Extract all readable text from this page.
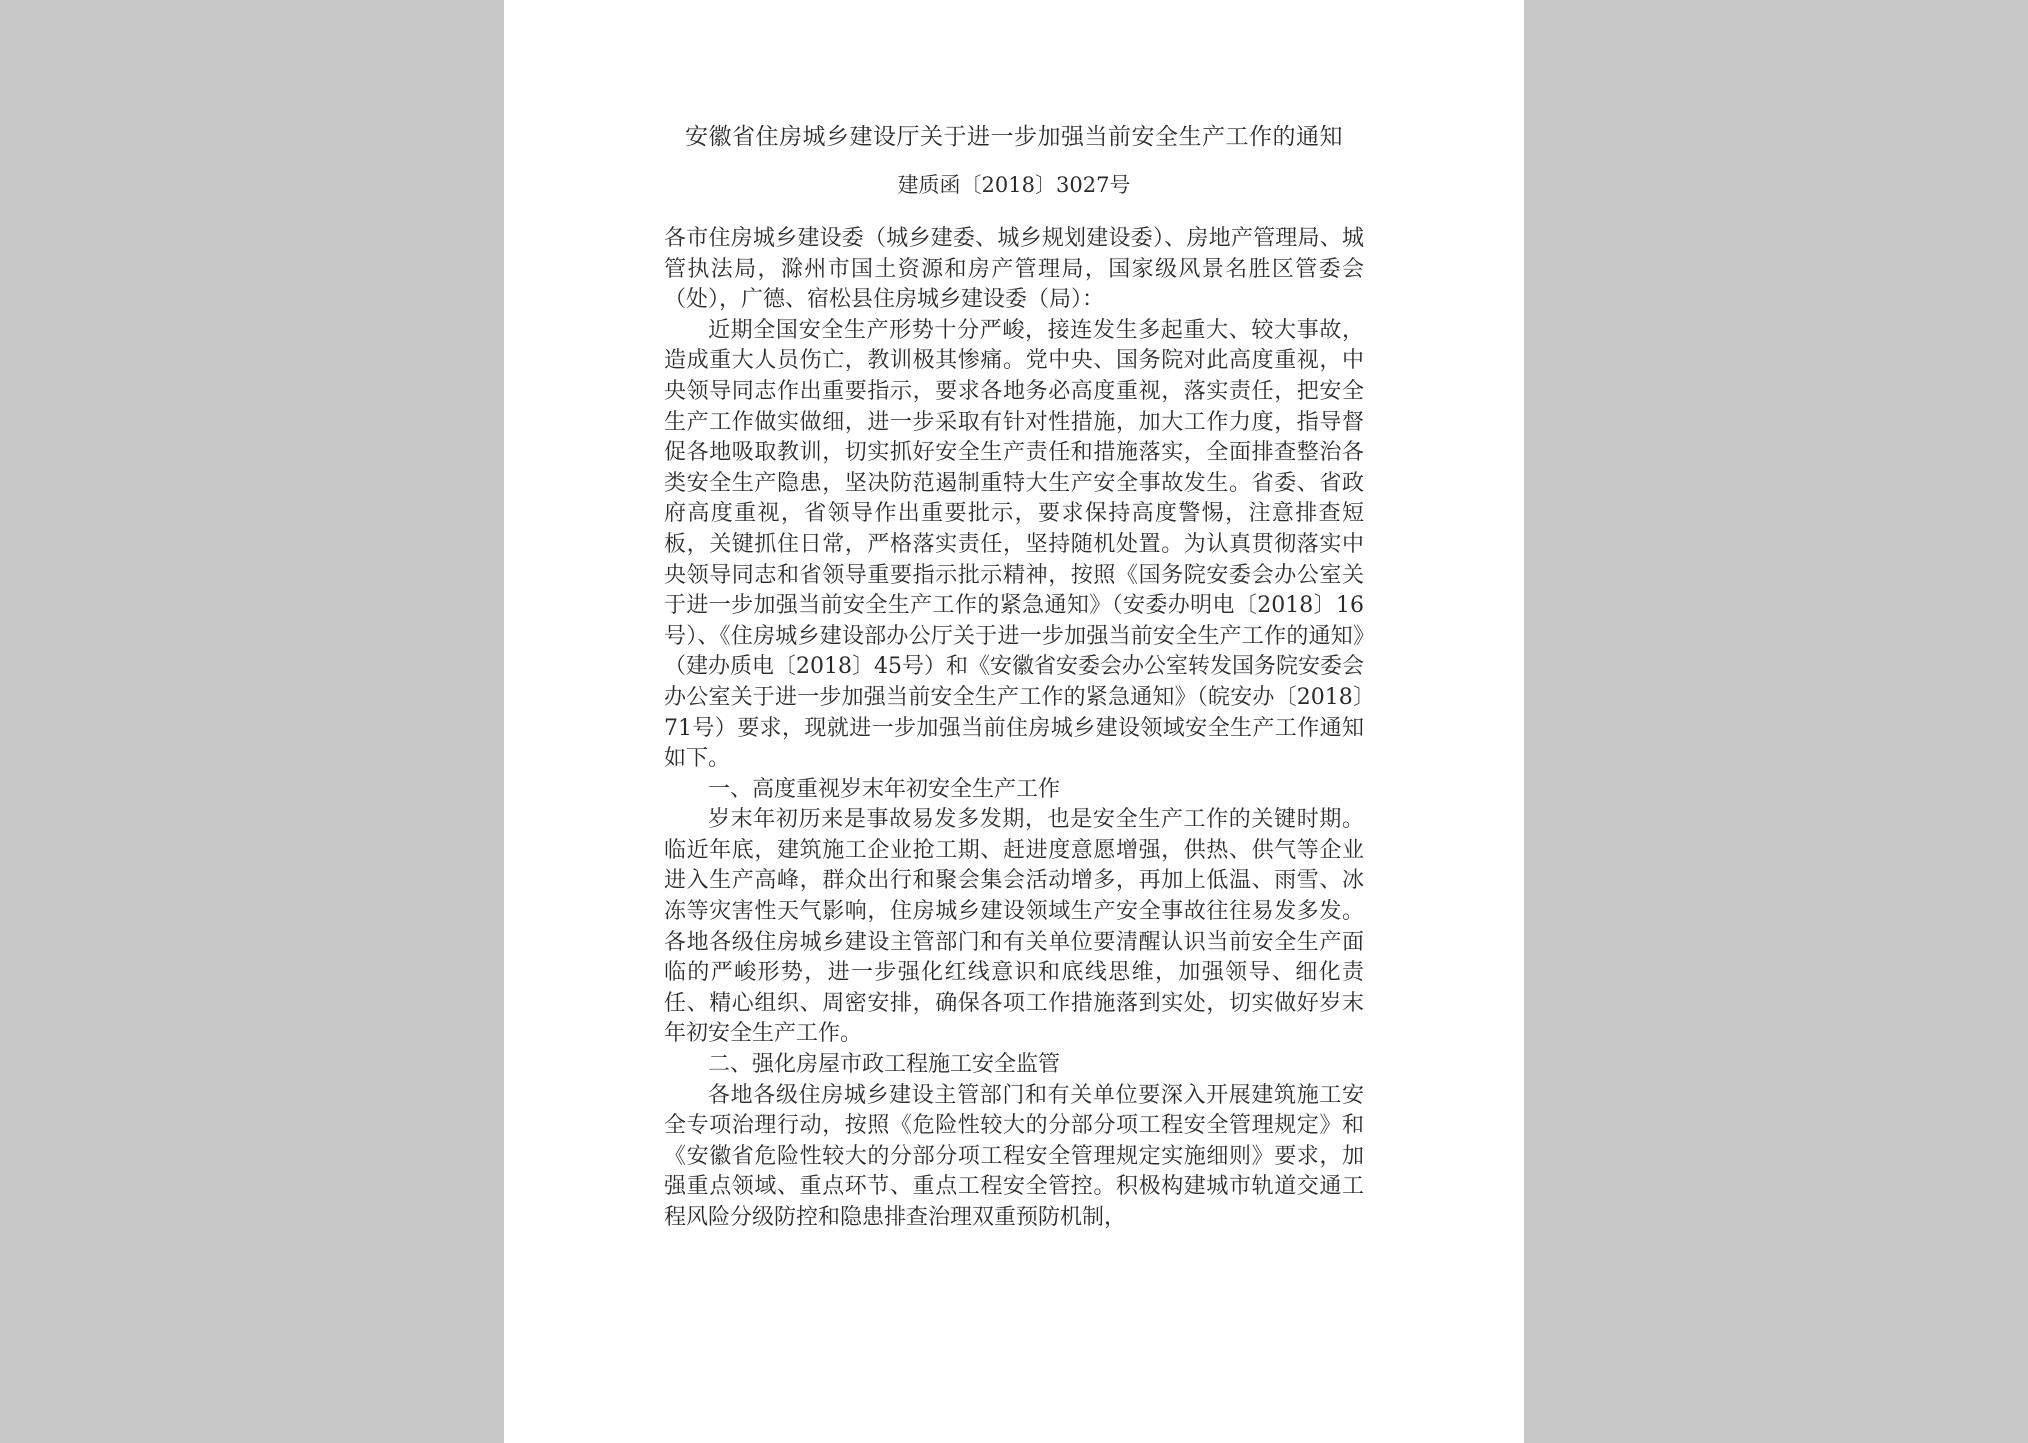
安徽省住房城乡建设厅关于进一步加强当前安全生产工作的通知
建质函〔2018〕3027号

各市住房城乡建设委（城乡建委、城乡规划建设委）、房地产管理局、城管执法局，滁州市国土资源和房产管理局，国家级风景名胜区管委会（处），广德、宿松县住房城乡建设委（局）：

近期全国安全生产形势十分严峻，接连发生多起重大、较大事故，造成重大人员伤亡，教训极其惨痛。党中央、国务院对此高度重视，中央领导同志作出重要指示，要求各地务必高度重视，落实责任，把安全生产工作做实做细，进一步采取有针对性措施，加大工作力度，指导督促各地吸取教训，切实抓好安全生产责任和措施落实，全面排查整治各类安全生产隐患，坚决防范遏制重特大生产安全事故发生。省委、省政府高度重视，省领导作出重要批示，要求保持高度警惕，注意排查短板，关键抓住日常，严格落实责任，坚持随机处置。为认真贯彻落实中央领导同志和省领导重要指示批示精神，按照《国务院安委会办公室关于进一步加强当前安全生产工作的紧急通知》（安委办明电〔2018〕16号）、《住房城乡建设部办公厅关于进一步加强当前安全生产工作的通知》（建办质电〔2018〕45号）和《安徽省安委会办公室转发国务院安委会办公室关于进一步加强当前安全生产工作的紧急通知》（皖安办〔2018〕71号）要求，现就进一步加强当前住房城乡建设领域安全生产工作通知如下。

一、高度重视岁末年初安全生产工作

岁末年初历来是事故易发多发期，也是安全生产工作的关键时期。临近年底，建筑施工企业抢工期、赶进度意愿增强，供热、供气等企业进入生产高峰，群众出行和聚会集会活动增多，再加上低温、雨雪、冰冻等灾害性天气影响，住房城乡建设领域生产安全事故往往易发多发。各地各级住房城乡建设主管部门和有关单位要清醒认识当前安全生产面临的严峻形势，进一步强化红线意识和底线思维，加强领导、细化责任、精心组织、周密安排，确保各项工作措施落到实处，切实做好岁末年初安全生产工作。

二、强化房屋市政工程施工安全监管

各地各级住房城乡建设主管部门和有关单位要深入开展建筑施工安全专项治理行动，按照《危险性较大的分部分项工程安全管理规定》和《安徽省危险性较大的分部分项工程安全管理规定实施细则》要求，加强重点领域、重点环节、重点工程安全管控。积极构建城市轨道交通工程风险分级防控和隐患排查治理双重预防机制，
